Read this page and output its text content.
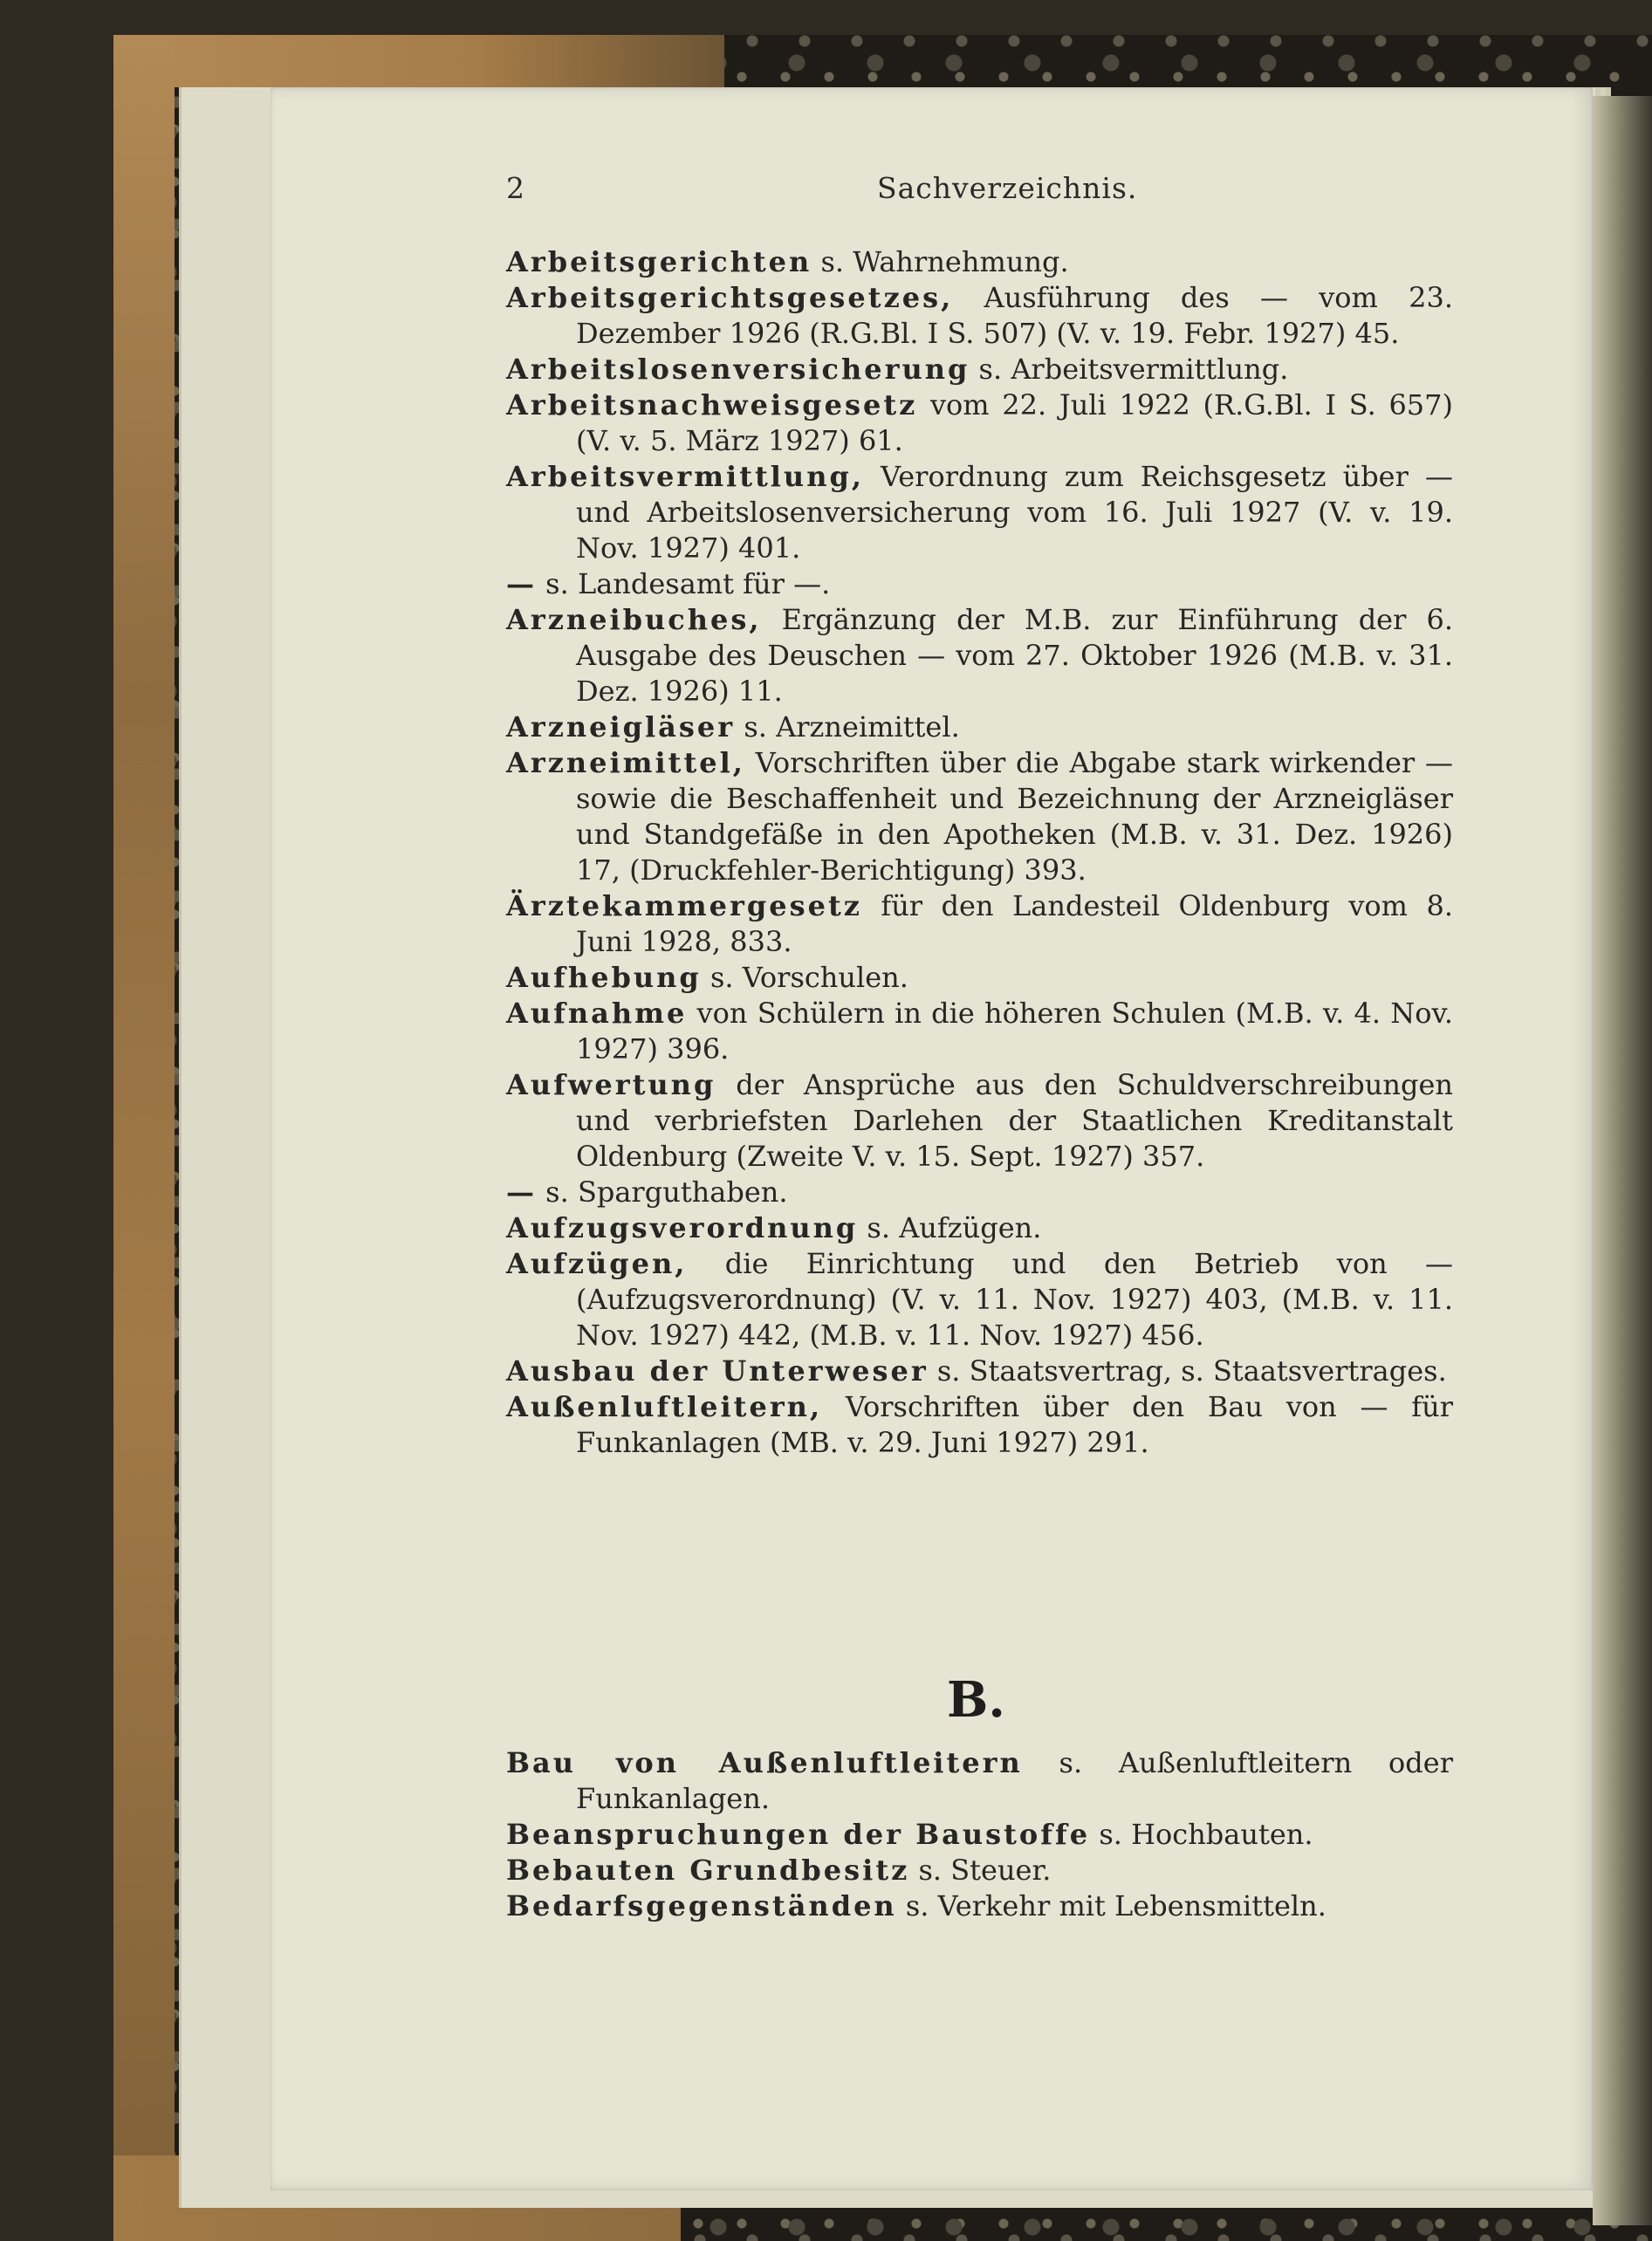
2	Sachverzeichnis.
Arbeitsgerichten s. Wahrnehmung.
Arbeitsgerichtsgesetzes, Ausführung des — vom 23. Dezember 1926 (R.G.Bl. I S. 507) (V. v. 19. Febr. 1927) 45.
Arbeitslosenversicherung s. Arbeitsvermittlung.
Arbeitsnachweisgesetz vom 22. Juli 1922 (R.G.Bl. I S. 657) (V. v. 5. März 1927) 61.
Arbeitsvermittlung, Verordnung zum Reichsgesetz über — und Arbeitslosenversicherung vom 16. Juli 1927 (V. v. 19. Nov. 1927) 401.
— s. Landesamt für —.
Arzneibuches, Ergänzung der M.B. zur Einführung der 6. Ausgabe des Deuschen — vom 27. Oktober 1926 (M.B. v. 31. Dez. 1926) 11.
Arzneigläser s. Arzneimittel.
Arzneimittel, Vorschriften über die Abgabe stark wirkender — sowie die Beschaffenheit und Bezeichnung der Arzneigläser und Standgefäße in den Apotheken (M.B. v. 31. Dez. 1926) 17, (Druckfehler-Berichtigung) 393.
Ärztekammergesetz für den Landesteil Oldenburg vom 8. Juni 1928, 833.
Aufhebung s. Vorschulen.
Aufnahme von Schülern in die höheren Schulen (M.B. v. 4. Nov. 1927) 396.
Aufwertung der Ansprüche aus den Schuldverschreibungen und verbriefsten Darlehen der Staatlichen Kreditanstalt Oldenburg (Zweite V. v. 15. Sept. 1927) 357.
— s. Sparguthaben.
Aufzugsverordnung s. Aufzügen.
Aufzügen, die Einrichtung und den Betrieb von — (Aufzugsverordnung) (V. v. 11. Nov. 1927) 403, (M.B. v. 11. Nov. 1927) 442, (M.B. v. 11. Nov. 1927) 456.
Ausbau der Unterweser s. Staatsvertrag, s. Staatsvertrages.
Außenluftleitern, Vorschriften über den Bau von — für Funkanlagen (MB. v. 29. Juni 1927) 291.
B.
Bau von Außenluftleitern s. Außenluftleitern oder Funkanlagen.
Beanspruchungen der Baustoffe s. Hochbauten.
Bebauten Grundbesitz s. Steuer.
Bedarfsgegenständen s. Verkehr mit Lebensmitteln.
